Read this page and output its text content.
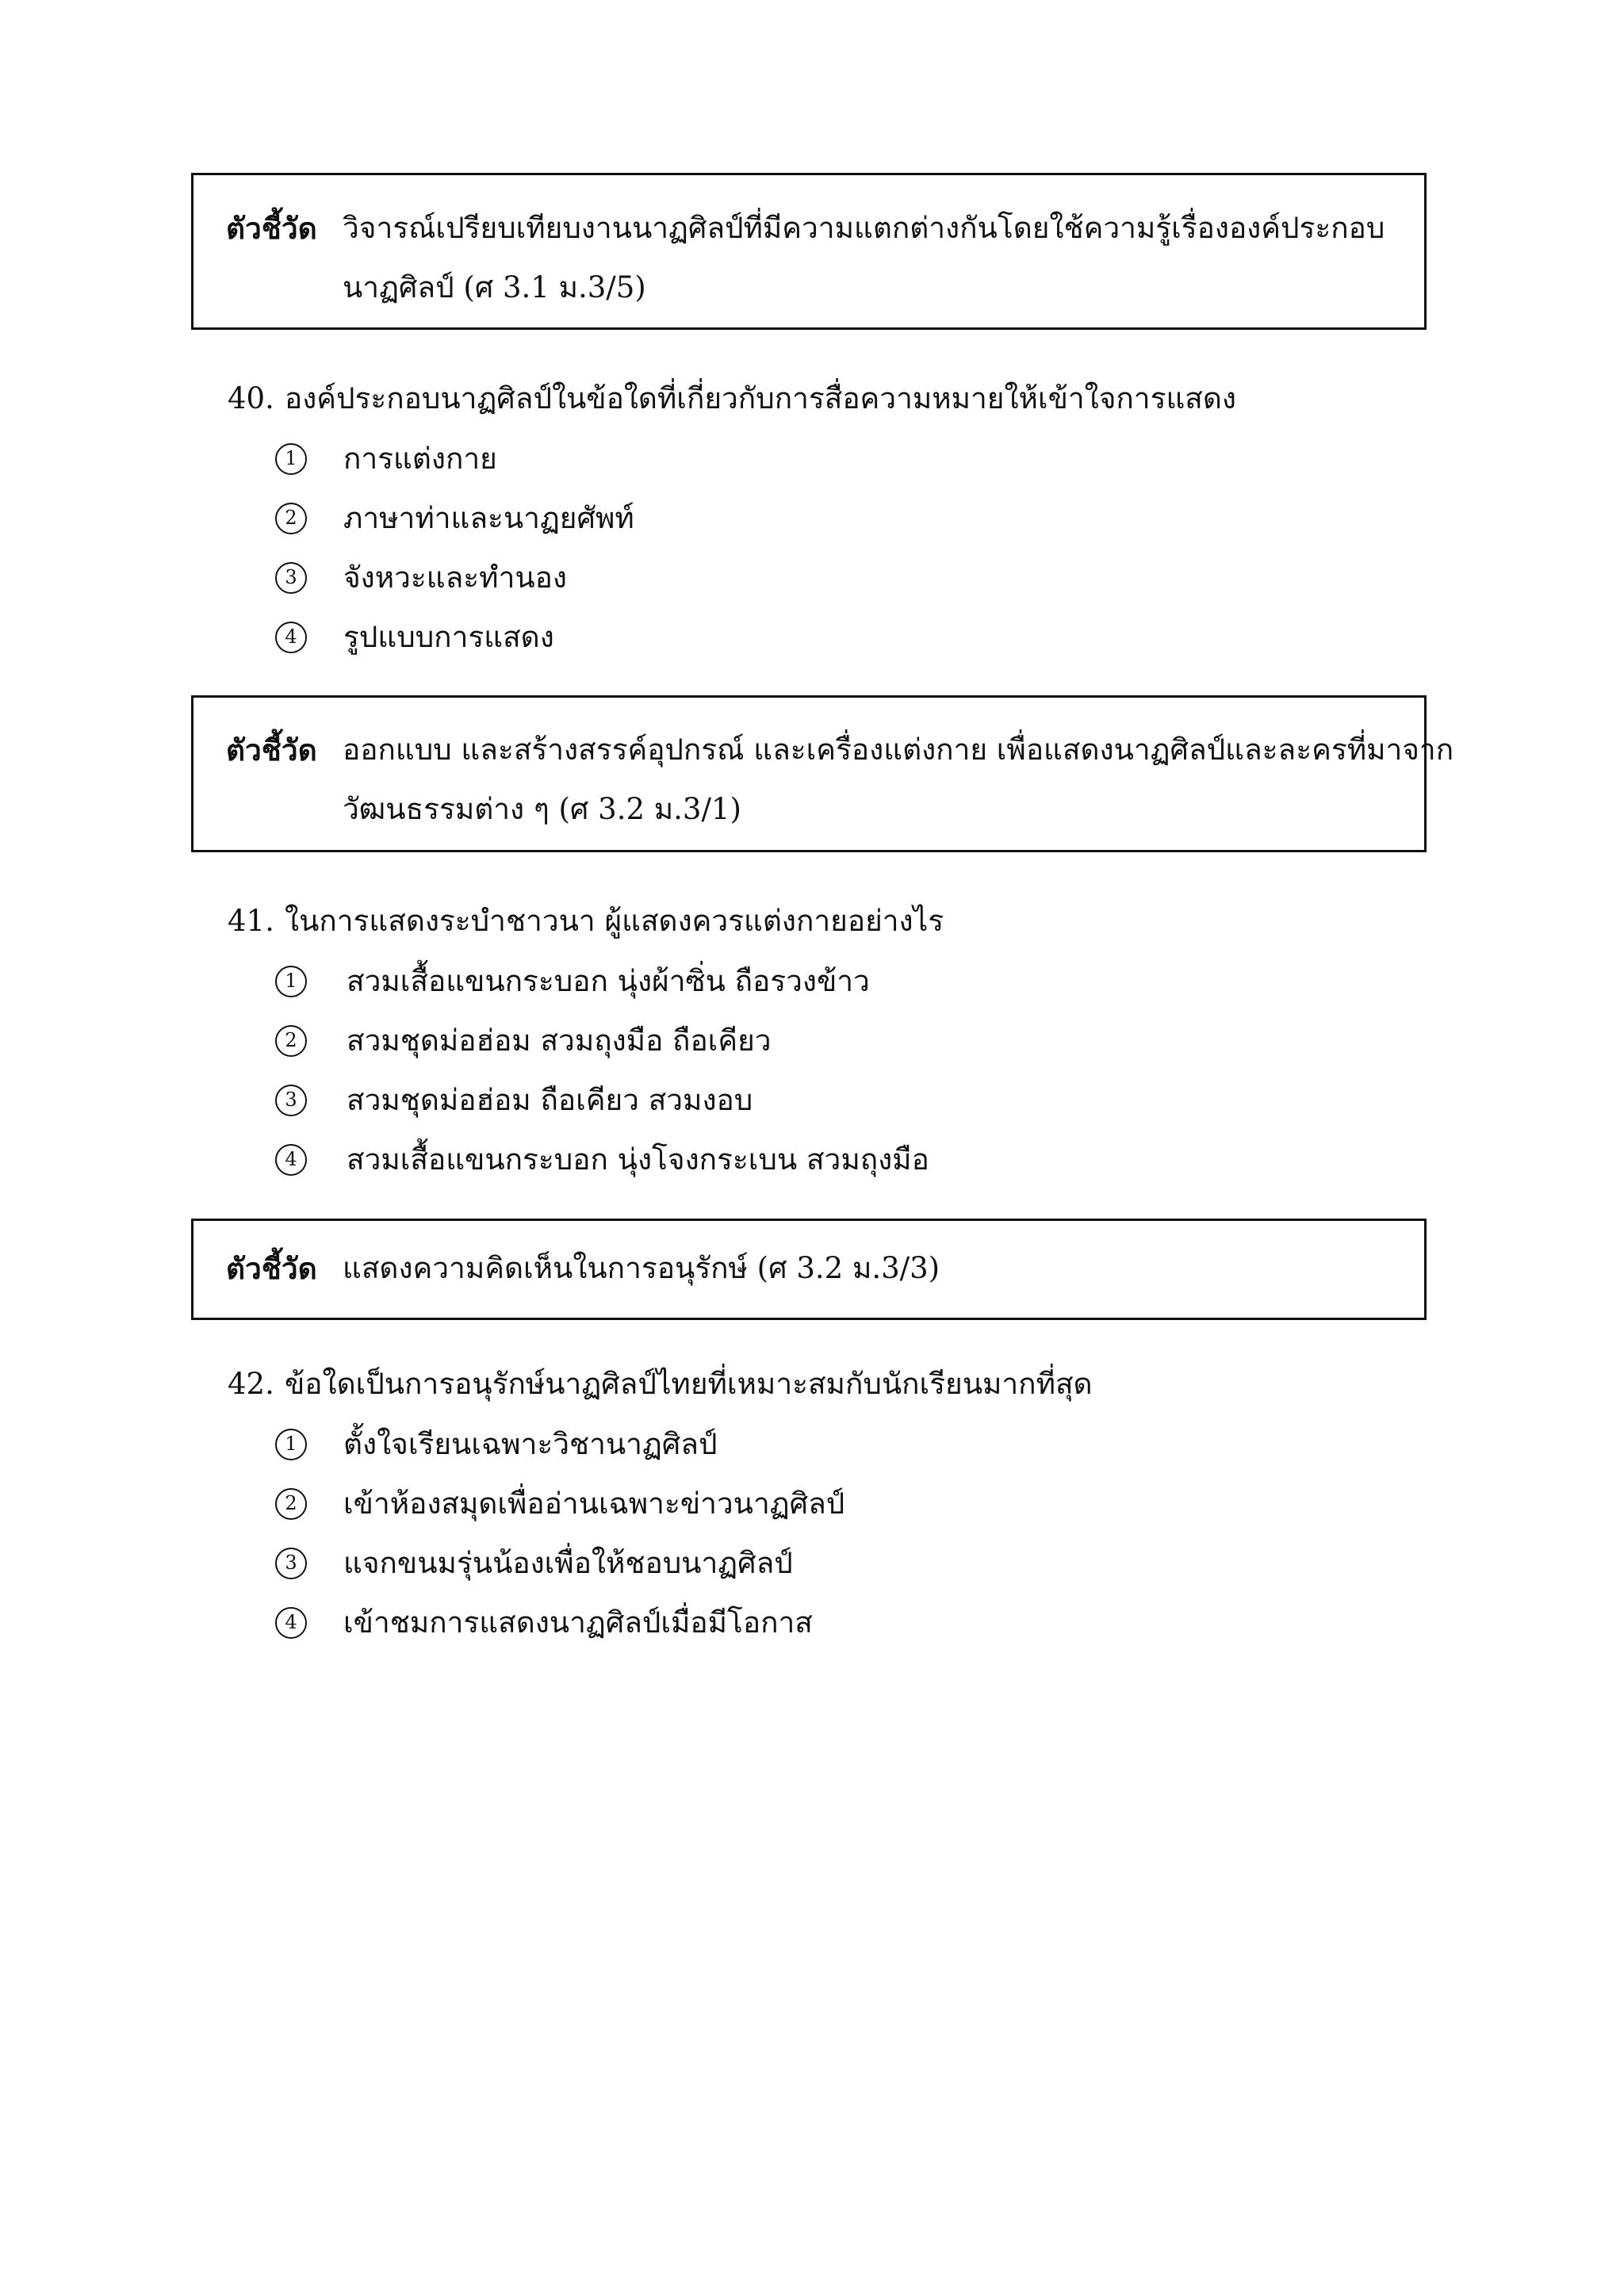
ตัวชี้วัด วิจารณ์เปรียบเทียบงานนาฏศิลป์ที่มีความแตกต่างกันโดยใช้ความรู้เรื่ององค์ประกอบ
นาฏศิลป์ (ศ 3.1 ม.3/5)
ตัวชี้วัด ออกแบบ และสร้างสรรค์อุปกรณ์ และเครื่องแต่งกาย เพื่อแสดงนาฏศิลป์และละครที่มาจาก
วัฒนธรรมต่าง ๆ (ศ 3.2 ม.3/1)
ตัวชี้วัด แสดงความคิดเห็นในการอนุรักษ์ (ศ 3.2 ม.3/3)
40. องค์ประกอบนาฏศิลป์ในข้อใดที่เกี่ยวกับการสื่อความหมายให้เข้าใจการแสดง
1	การแต่งกาย
2	ภาษาท่าและนาฏยศัพท์
3	จังหวะและทำนอง
4	รูปแบบการแสดง
41. ในการแสดงระบำชาวนา ผู้แสดงควรแต่งกายอย่างไร
1	สวมเสื้อแขนกระบอก นุ่งผ้าซิ่น ถือรวงข้าว
2	สวมชุดม่อฮ่อม สวมถุงมือ ถือเคียว
3	สวมชุดม่อฮ่อม ถือเคียว สวมงอบ
4	สวมเสื้อแขนกระบอก นุ่งโจงกระเบน สวมถุงมือ
42. ข้อใดเป็นการอนุรักษ์นาฏศิลป์ไทยที่เหมาะสมกับนักเรียนมากที่สุด
1	ตั้งใจเรียนเฉพาะวิชานาฏศิลป์
2	เข้าห้องสมุดเพื่ออ่านเฉพาะข่าวนาฏศิลป์
3	แจกขนมรุ่นน้องเพื่อให้ชอบนาฏศิลป์
4	เข้าชมการแสดงนาฏศิลป์เมื่อมีโอกาส
